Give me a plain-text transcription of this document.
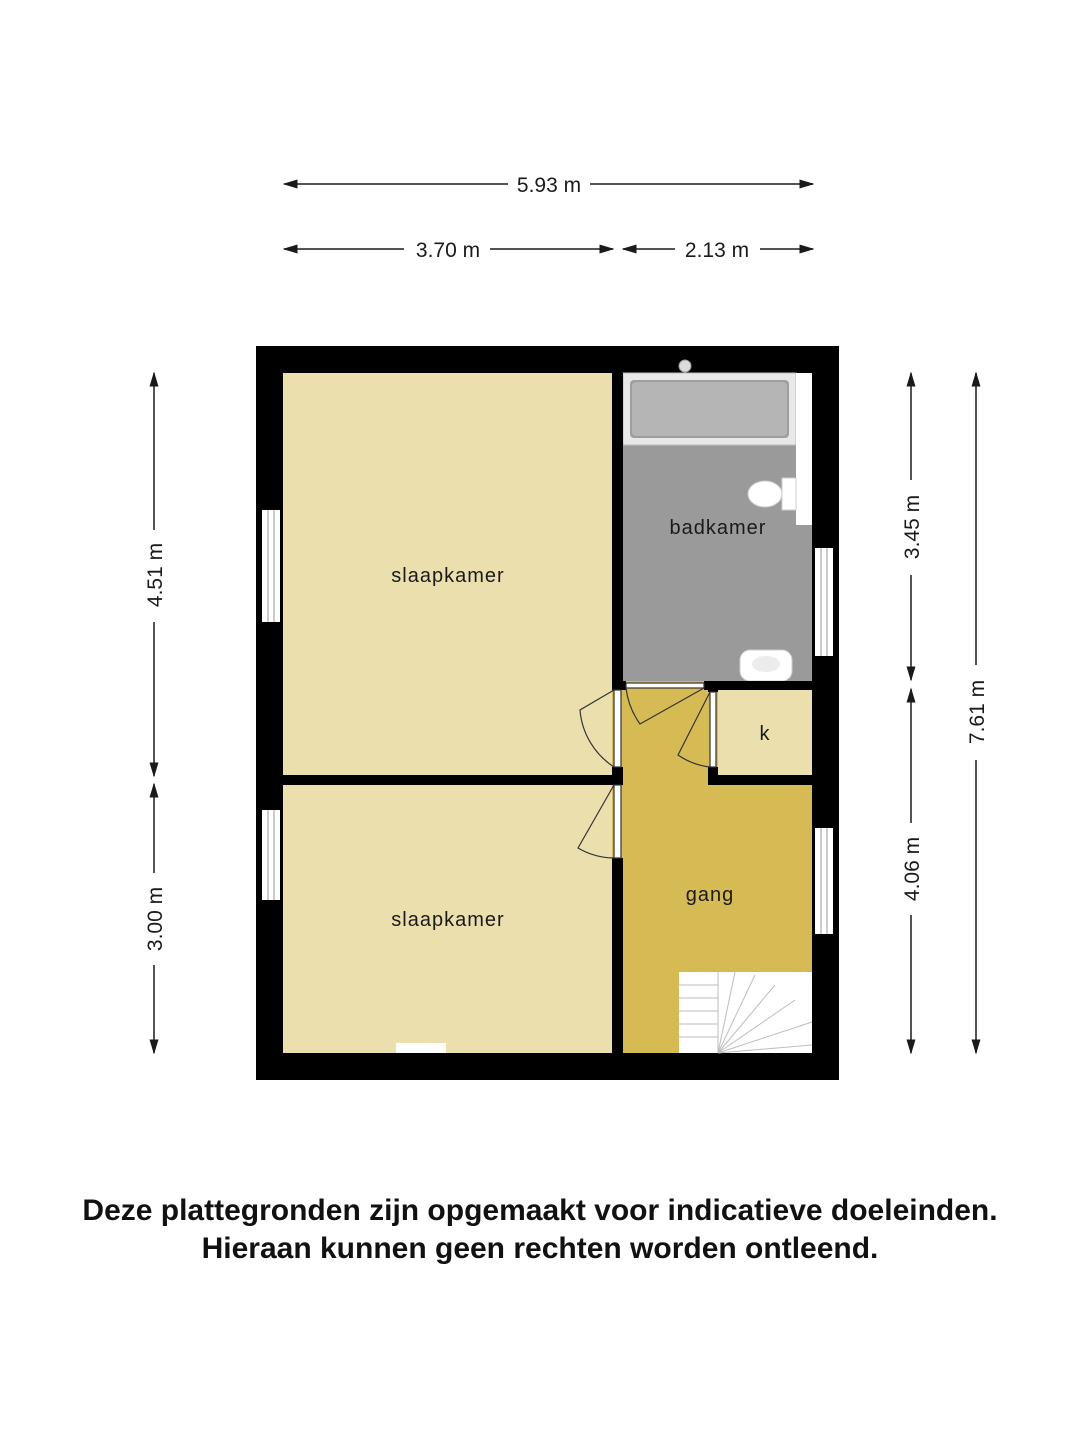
5.93 m
3.70 m	2.13 m
4.51 m
3.00 m
3.45 m
4.06 m
7.61 m
slaapkamer
slaapkamer
badkamer
k
gang
Deze plattegronden zijn opgemaakt voor indicatieve doeleinden.
Hieraan kunnen geen rechten worden ontleend.
